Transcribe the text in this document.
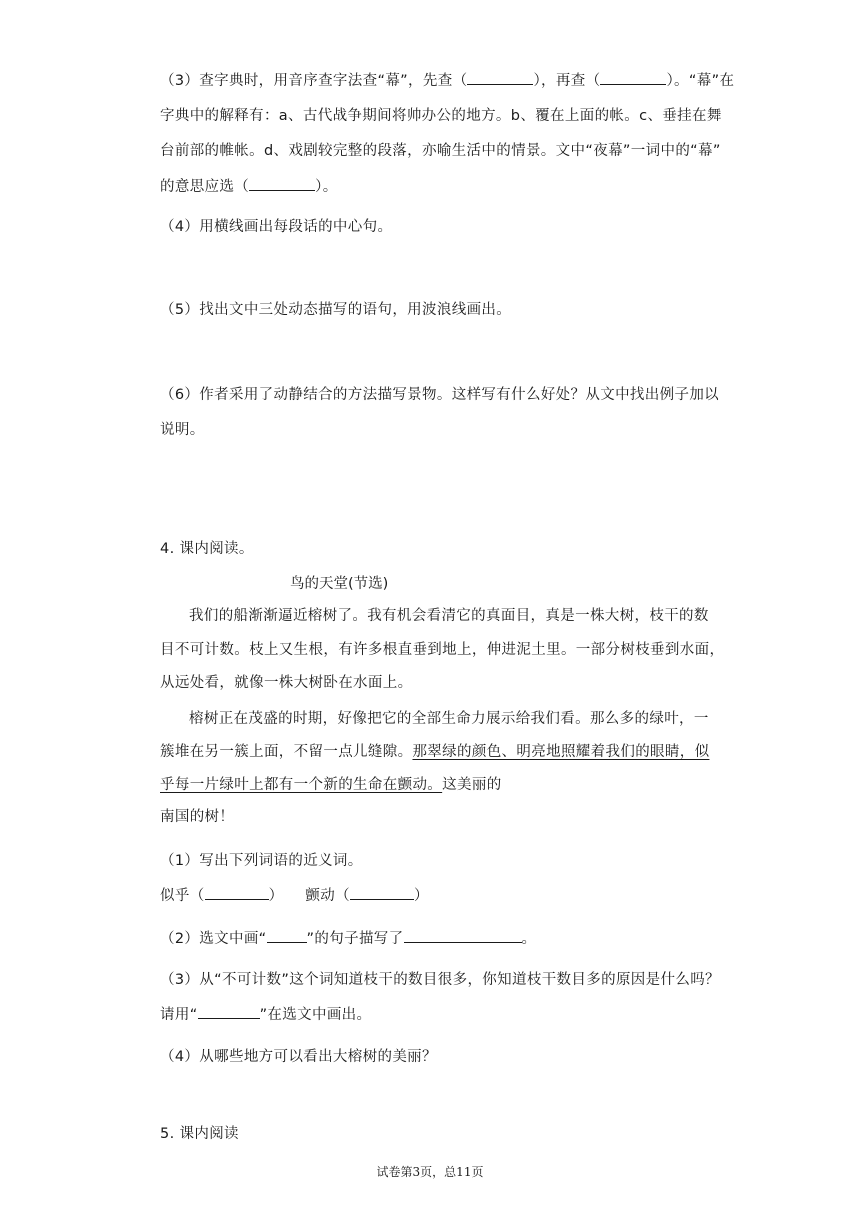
（3）查字典时，用音序查字法查“幕”，先查（	），再查（	）。“幕”在
字典中的解释有：a、古代战争期间将帅办公的地方。b、覆在上面的帐。c、垂挂在舞
台前部的帷帐。d、戏剧较完整的段落，亦喻生活中的情景。文中“夜幕”一词中的“幕”
的意思应选（	）。
（4）用横线画出每段话的中心句。
（5）找出文中三处动态描写的语句，用波浪线画出。
（6）作者采用了动静结合的方法描写景物。这样写有什么好处？从文中找出例子加以
说明。
4. 课内阅读。
鸟的天堂(节选)
我们的船渐渐逼近榕树了。我有机会看清它的真面目，真是一株大树，枝干的数
目不可计数。枝上又生根，有许多根直垂到地上，伸进泥土里。一部分树枝垂到水面，
从远处看，就像一株大树卧在水面上。
榕树正在茂盛的时期，好像把它的全部生命力展示给我们看。那么多的绿叶，一
簇堆在另一簇上面，不留一点儿缝隙。那翠绿的颜色、明亮地照耀着我们的眼睛，似
乎每一片绿叶上都有一个新的生命在颤动。这美丽的
南国的树！
（1）写出下列词语的近义词。
似乎（	） 颤动（	）
（2）选文中画“	”的句子描写了	。
（3）从“不可计数”这个词知道枝干的数目很多，你知道枝干数目多的原因是什么吗？
请用“	”在选文中画出。
（4）从哪些地方可以看出大榕树的美丽？
5. 课内阅读
试卷第3页，总11页
